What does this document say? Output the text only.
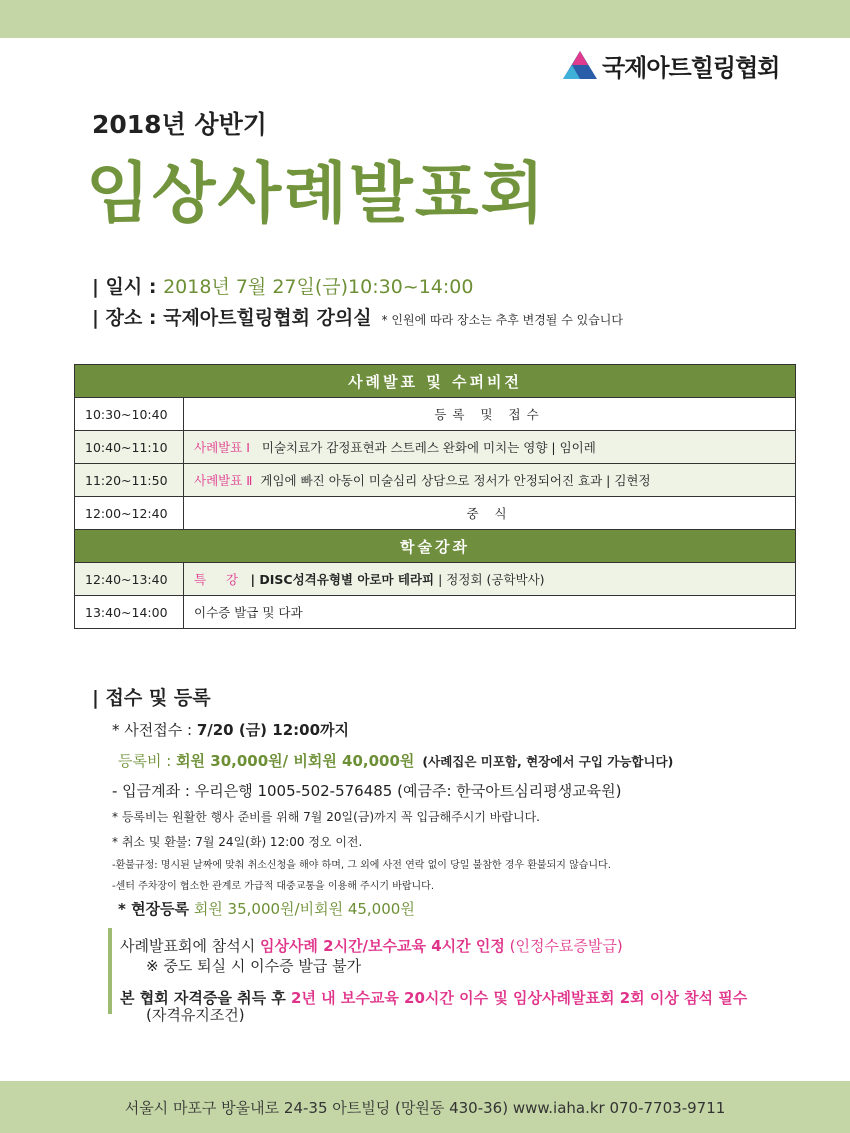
국제아트힐링협회
2018년 상반기
임상사례발표회
| 일시 : 2018년 7월 27일(금)10:30~14:00
| 장소 : 국제아트힐링협회 강의실 * 인원에 따라 장소는 추후 변경될 수 있습니다
사례발표 및 수퍼비전	
10:30~10:40	등록 및 접수
10:40~11:10	사례발표 Ⅰ 미술치료가 감정표현과 스트레스 완화에 미치는 영향 | 임이레
11:20~11:50	사례발표 Ⅱ 게임에 빠진 아동이 미술심리 상담으로 정서가 안정되어진 효과 | 김현정
12:00~12:40	중 식
학술강좌	
12:40~13:40	특 강 | DISC성격유형별 아로마 테라피 | 정정회 (공학박사)
13:40~14:00	이수증 발급 및 다과
| 접수 및 등록
* 사전접수 : 7/20 (금) 12:00까지
등록비 : 회원 30,000원/ 비회원 40,000원 (사례집은 미포함, 현장에서 구입 가능합니다)
- 입금계좌 : 우리은행 1005-502-576485 (예금주: 한국아트심리평생교육원)
* 등록비는 원활한 행사 준비를 위해 7월 20일(금)까지 꼭 입금해주시기 바랍니다.
* 취소 및 환불: 7월 24일(화) 12:00 정오 이전.
-환불규정: 명시된 날짜에 맞춰 취소신청을 해야 하며, 그 외에 사전 연락 없이 당일 불참한 경우 환불되지 않습니다.
-센터 주차장이 협소한 관계로 가급적 대중교통을 이용해 주시기 바랍니다.
* 현장등록 회원 35,000원/비회원 45,000원
사례발표회에 참석시 임상사례 2시간/보수교육 4시간 인정 (인정수료증발급)
※ 중도 퇴실 시 이수증 발급 불가
본 협회 자격증을 취득 후 2년 내 보수교육 20시간 이수 및 임상사례발표회 2회 이상 참석 필수
(자격유지조건)
서울시 마포구 방울내로 24-35 아트빌딩 (망원동 430-36) www.iaha.kr 070-7703-9711
